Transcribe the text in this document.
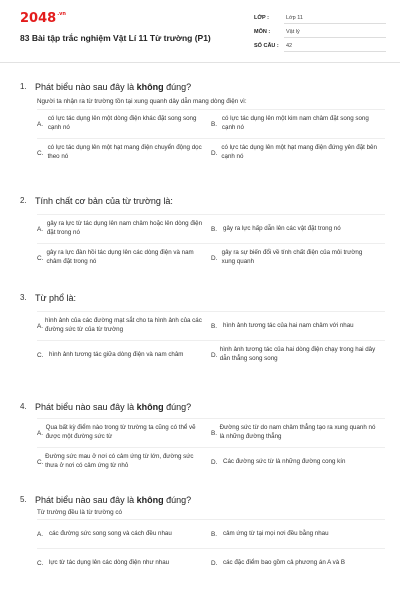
$2048^{.vn}$
83 Bài tập trắc nghiệm Vật Lí 11 Từ trường (P1)
LỚP :	Lớp 11
MÔN :	Vật lý
SỐ CÂU :	42
1. Phát biểu nào sau đây là không đúng?
Người ta nhận ra từ trường tồn tại xung quanh dây dẫn mang dòng điện vì:
A.
có lực tác dụng lên một dòng điện khác đặt song song cạnh nó	B.
có lực tác dụng lên một kim nam châm đặt song song cạnh nó
C.
có lực tác dụng lên một hạt mang điện chuyển động dọc theo nó	D.
có lực tác dụng lên một hạt mang điện đứng yên đặt bên cạnh nó
2. Tính chất cơ bản của từ trường là:
A.
gây ra lực từ tác dụng lên nam châm hoặc lên dòng điện đặt trong nó	B. gây ra lực hấp dẫn lên các vật đặt trong nó
C.
gây ra lực đàn hồi tác dụng lên các dòng điện và nam châm đặt trong nó	D.
gây ra sự biến đổi về tính chất điện của môi trường xung quanh
3. Từ phổ là:
A.
hình ảnh của các đường mạt sắt cho ta hình ảnh của các đường sức từ của từ trường	B. hình ảnh tương tác của hai nam châm với nhau
C. hình ảnh tương tác giữa dòng điện và nam châm	D.
hình ảnh tương tác của hai dòng điện chạy trong hai dây dẫn thẳng song song
4. Phát biểu nào sau đây là không đúng?
A.
Qua bất kỳ điểm nào trong từ trường ta cũng có thể vẽ được một đường sức từ	B.
Đường sức từ do nam châm thẳng tạo ra xung quanh nó là những đường thẳng
C.
Đường sức mau ở nơi có cảm ứng từ lớn, đường sức thưa ở nơi có cảm ứng từ nhỏ	D. Các đường sức từ là những đường cong kín
5. Phát biểu nào sau đây là không đúng?
Từ trường đều là từ trường có
A. các đường sức song song và cách đều nhau	B. cảm ứng từ tại mọi nơi đều bằng nhau
C. lực từ tác dụng lên các dòng điện như nhau	D. các đặc điểm bao gồm cả phương án A và B
